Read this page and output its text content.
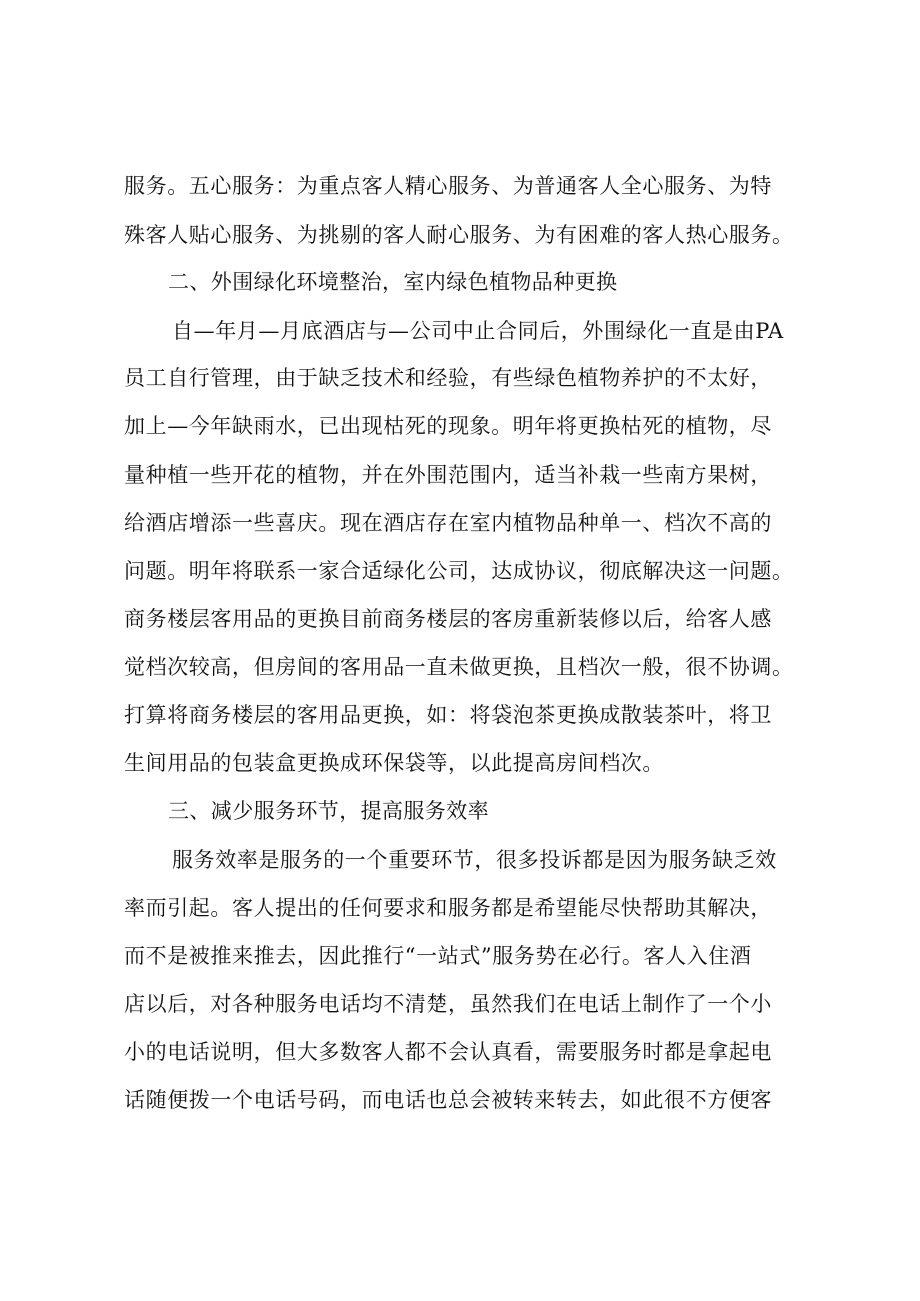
服务。五心服务：为重点客人精心服务、为普通客人全心服务、为特
殊客人贴心服务、为挑剔的客人耐心服务、为有困难的客人热心服务。
二、外围绿化环境整治，室内绿色植物品种更换
自—年月—月底酒店与—公司中止合同后，外围绿化一直是由PA
员工自行管理，由于缺乏技术和经验，有些绿色植物养护的不太好，
加上—今年缺雨水，已出现枯死的现象。明年将更换枯死的植物，尽
量种植一些开花的植物，并在外围范围内，适当补栽一些南方果树，
给酒店增添一些喜庆。现在酒店存在室内植物品种单一、档次不高的
问题。明年将联系一家合适绿化公司，达成协议，彻底解决这一问题。
商务楼层客用品的更换目前商务楼层的客房重新装修以后，给客人感
觉档次较高，但房间的客用品一直未做更换，且档次一般，很不协调。
打算将商务楼层的客用品更换，如：将袋泡茶更换成散装茶叶，将卫
生间用品的包装盒更换成环保袋等，以此提高房间档次。
三、减少服务环节，提高服务效率
服务效率是服务的一个重要环节，很多投诉都是因为服务缺乏效
率而引起。客人提出的任何要求和服务都是希望能尽快帮助其解决，
而不是被推来推去，因此推行“一站式”服务势在必行。客人入住酒
店以后，对各种服务电话均不清楚，虽然我们在电话上制作了一个小
小的电话说明，但大多数客人都不会认真看，需要服务时都是拿起电
话随便拨一个电话号码，而电话也总会被转来转去，如此很不方便客
